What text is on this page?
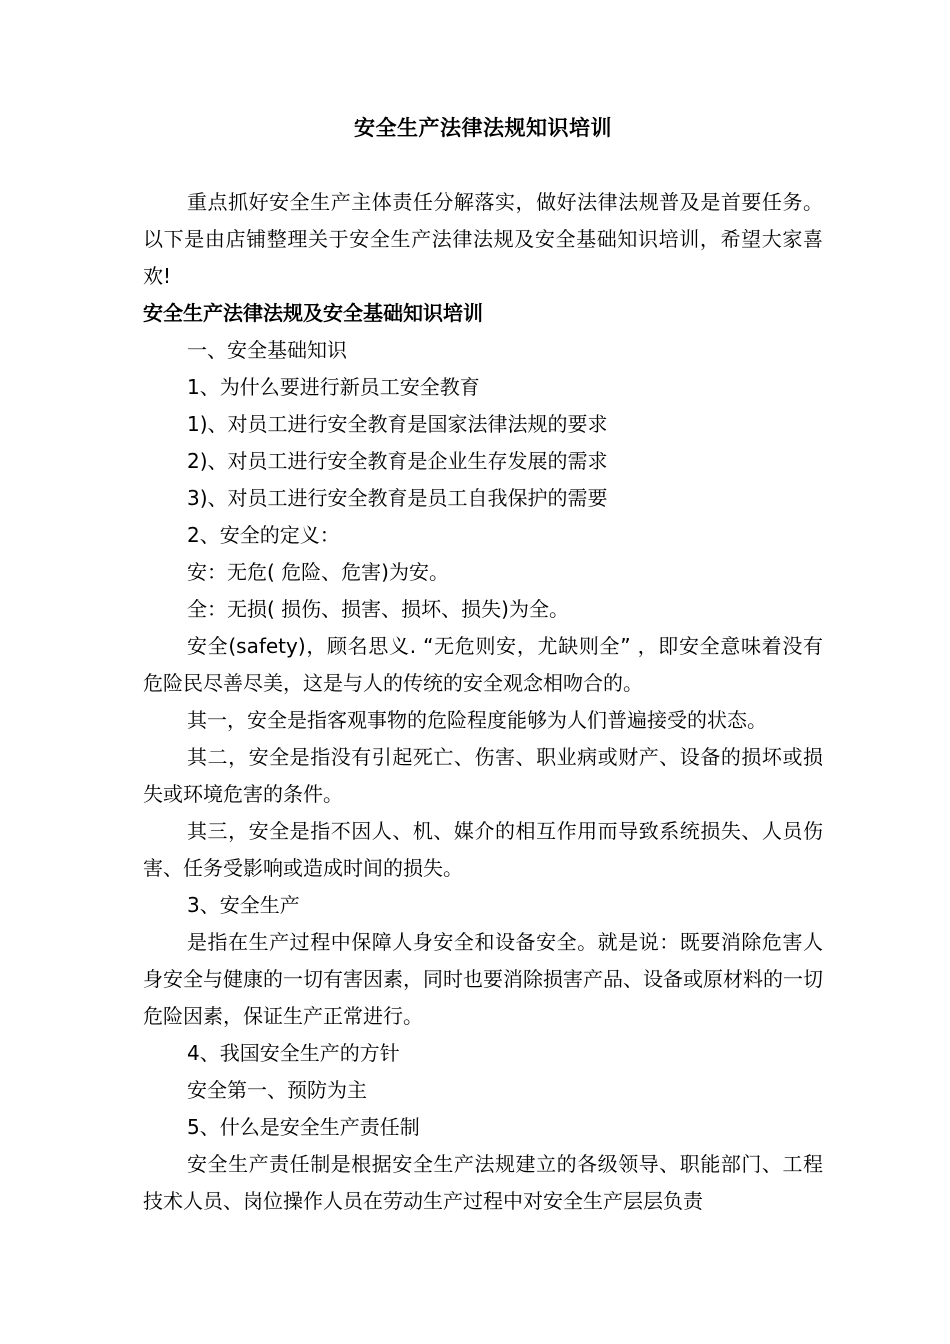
安全生产法律法规知识培训

重点抓好安全生产主体责任分解落实，做好法律法规普及是首要任务。以下是由店铺整理关于安全生产法律法规及安全基础知识培训，希望大家喜欢!

安全生产法律法规及安全基础知识培训

一、安全基础知识

1、为什么要进行新员工安全教育

1)、对员工进行安全教育是国家法律法规的要求

2)、对员工进行安全教育是企业生存发展的需求

3)、对员工进行安全教育是员工自我保护的需要

2、安全的定义：

安：无危( 危险、危害)为安。

全：无损( 损伤、损害、损坏、损失)为全。

安全(safety)，顾名思义. “无危则安，尤缺则全” ，即安全意味着没有危险民尽善尽美，这是与人的传统的安全观念相吻合的。

其一，安全是指客观事物的危险程度能够为人们普遍接受的状态。

其二，安全是指没有引起死亡、伤害、职业病或财产、设备的损坏或损失或环境危害的条件。

其三，安全是指不因人、机、媒介的相互作用而导致系统损失、人员伤害、任务受影响或造成时间的损失。

3、安全生产

是指在生产过程中保障人身安全和设备安全。就是说：既要消除危害人身安全与健康的一切有害因素，同时也要消除损害产品、设备或原材料的一切危险因素，保证生产正常进行。

4、我国安全生产的方针

安全第一、预防为主

5、什么是安全生产责任制

安全生产责任制是根据安全生产法规建立的各级领导、职能部门、工程技术人员、岗位操作人员在劳动生产过程中对安全生产层层负责
